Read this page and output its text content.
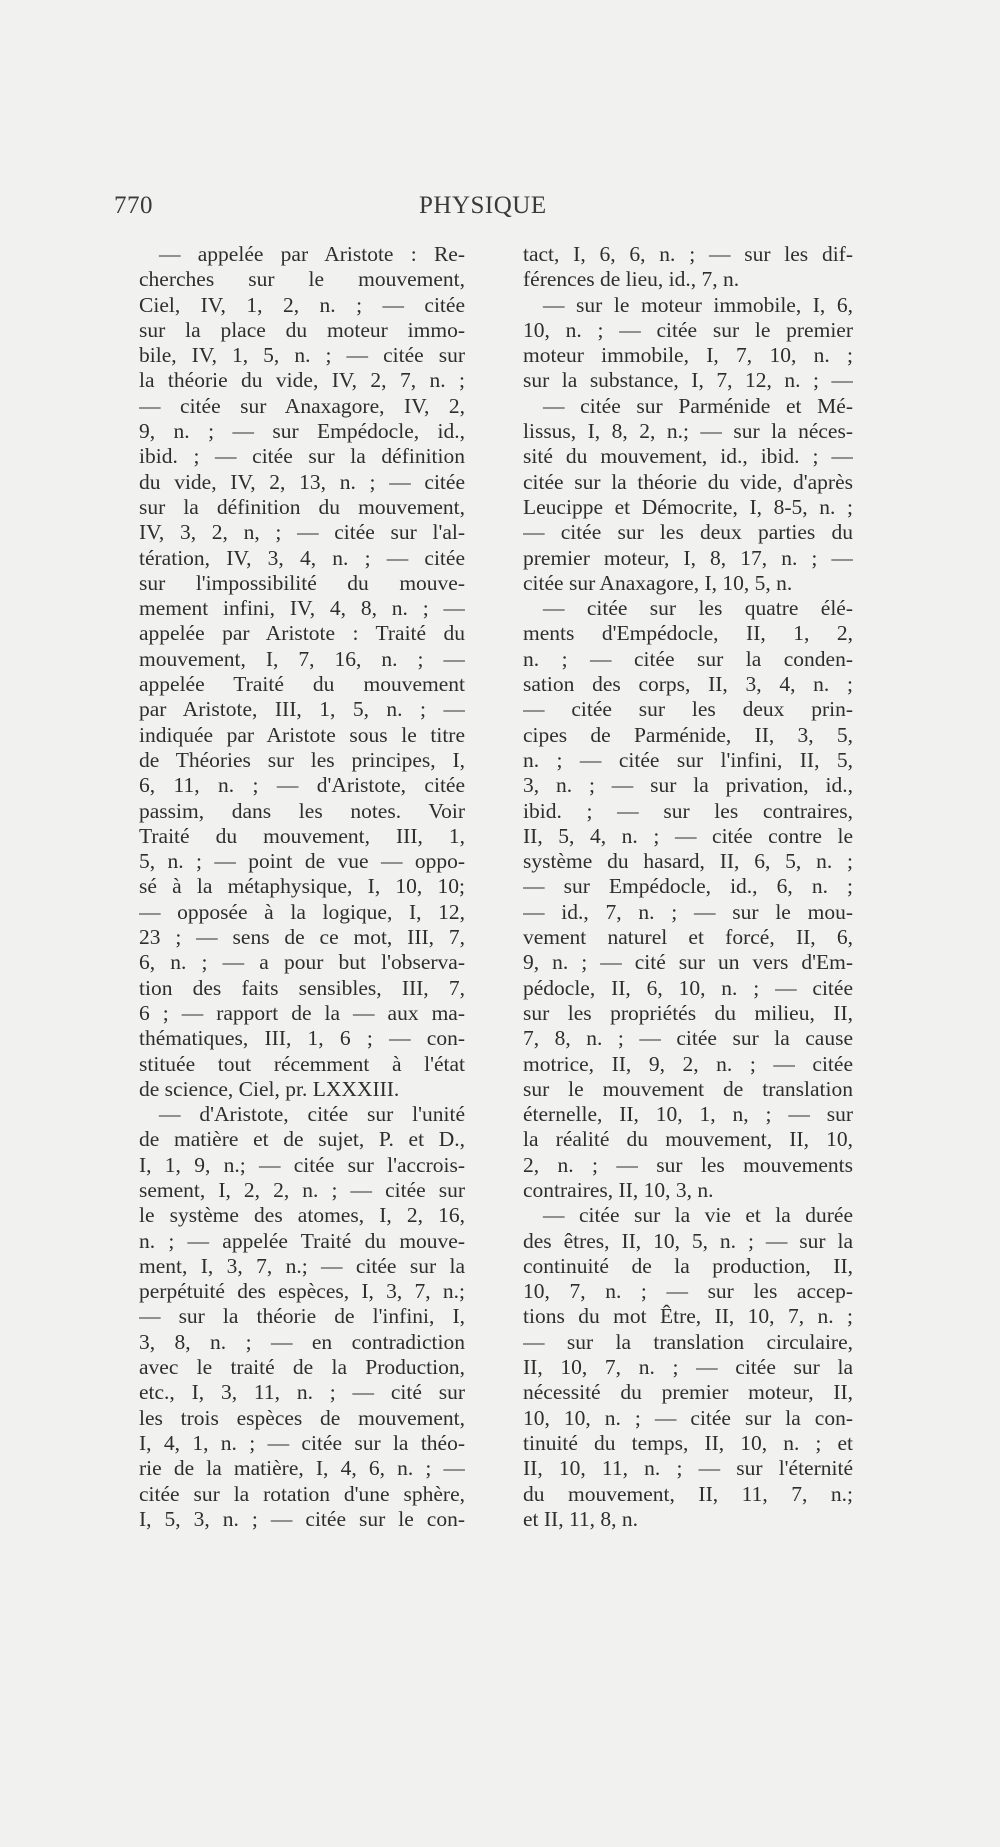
770	PHYSIQUE
— appelée par Aristote : Re-
cherches sur le mouvement,
Ciel, IV, 1, 2, n. ; — citée
sur la place du moteur immo-
bile, IV, 1, 5, n. ; — citée sur
la théorie du vide, IV, 2, 7, n. ;
— citée sur Anaxagore, IV, 2,
9, n. ; — sur Empédocle, id.,
ibid. ; — citée sur la définition
du vide, IV, 2, 13, n. ; — citée
sur la définition du mouvement,
IV, 3, 2, n, ; — citée sur l'al-
tération, IV, 3, 4, n. ; — citée
sur l'impossibilité du mouve-
mement infini, IV, 4, 8, n. ; —
appelée par Aristote : Traité du
mouvement, I, 7, 16, n. ; —
appelée Traité du mouvement
par Aristote, III, 1, 5, n. ; —
indiquée par Aristote sous le titre
de Théories sur les principes, I,
6, 11, n. ; — d'Aristote, citée
passim, dans les notes. Voir
Traité du mouvement, III, 1,
5, n. ; — point de vue — oppo-
sé à la métaphysique, I, 10, 10;
— opposée à la logique, I, 12,
23 ; — sens de ce mot, III, 7,
6, n. ; — a pour but l'observa-
tion des faits sensibles, III, 7,
6 ; — rapport de la — aux ma-
thématiques, III, 1, 6 ; — con-
stituée tout récemment à l'état
de science, Ciel, pr. LXXXIII.
— d'Aristote, citée sur l'unité
de matière et de sujet, P. et D.,
I, 1, 9, n.; — citée sur l'accrois-
sement, I, 2, 2, n. ; — citée sur
le système des atomes, I, 2, 16,
n. ; — appelée Traité du mouve-
ment, I, 3, 7, n.; — citée sur la
perpétuité des espèces, I, 3, 7, n.;
— sur la théorie de l'infini, I,
3, 8, n. ; — en contradiction
avec le traité de la Production,
etc., I, 3, 11, n. ; — cité sur
les trois espèces de mouvement,
I, 4, 1, n. ; — citée sur la théo-
rie de la matière, I, 4, 6, n. ; —
citée sur la rotation d'une sphère,
I, 5, 3, n. ; — citée sur le con-
tact, I, 6, 6, n. ; — sur les dif-
férences de lieu, id., 7, n.
— sur le moteur immobile, I, 6,
10, n. ; — citée sur le premier
moteur immobile, I, 7, 10, n. ;
sur la substance, I, 7, 12, n. ; —
— citée sur Parménide et Mé-
lissus, I, 8, 2, n.; — sur la néces-
sité du mouvement, id., ibid. ; —
citée sur la théorie du vide, d'après
Leucippe et Démocrite, I, 8-5, n. ;
— citée sur les deux parties du
premier moteur, I, 8, 17, n. ; —
citée sur Anaxagore, I, 10, 5, n.
— citée sur les quatre élé-
ments d'Empédocle, II, 1, 2,
n. ; — citée sur la conden-
sation des corps, II, 3, 4, n. ;
— citée sur les deux prin-
cipes de Parménide, II, 3, 5,
n. ; — citée sur l'infini, II, 5,
3, n. ; — sur la privation, id.,
ibid. ; — sur les contraires,
II, 5, 4, n. ; — citée contre le
système du hasard, II, 6, 5, n. ;
— sur Empédocle, id., 6, n. ;
— id., 7, n. ; — sur le mou-
vement naturel et forcé, II, 6,
9, n. ; — cité sur un vers d'Em-
pédocle, II, 6, 10, n. ; — citée
sur les propriétés du milieu, II,
7, 8, n. ; — citée sur la cause
motrice, II, 9, 2, n. ; — citée
sur le mouvement de translation
éternelle, II, 10, 1, n, ; — sur
la réalité du mouvement, II, 10,
2, n. ; — sur les mouvements
contraires, II, 10, 3, n.
— citée sur la vie et la durée
des êtres, II, 10, 5, n. ; — sur la
continuité de la production, II,
10, 7, n. ; — sur les accep-
tions du mot Être, II, 10, 7, n. ;
— sur la translation circulaire,
II, 10, 7, n. ; — citée sur la
nécessité du premier moteur, II,
10, 10, n. ; — citée sur la con-
tinuité du temps, II, 10, n. ; et
II, 10, 11, n. ; — sur l'éternité
du mouvement, II, 11, 7, n.;
et II, 11, 8, n.
